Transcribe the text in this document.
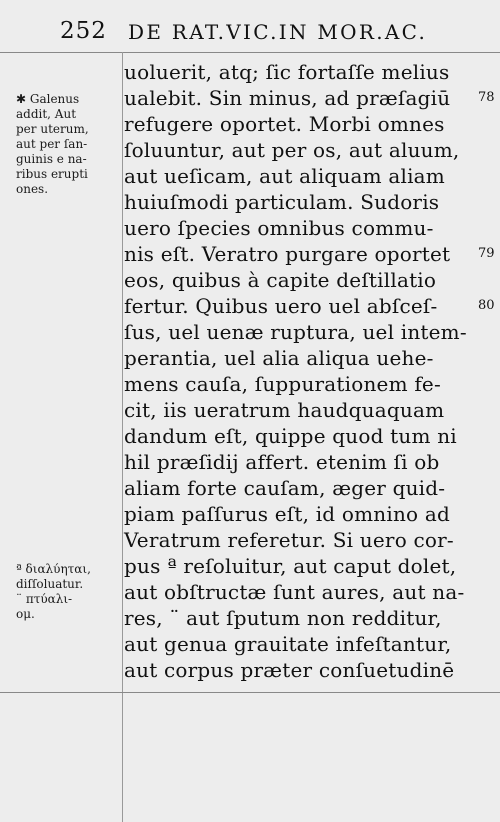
252 DE RAT.VIC.IN MOR.AC.
✱ Galenus
addit, Aut
per uterum,
aut per ſan-
guinis e na-
ribus erupti
ones.
ª διαλύηται,
diſſoluatur.
¨ πτύαλι-
ομ.
uoluerit, atq; ſic fortaſſe melius
ualebit. Sin minus, ad præſagiū
refugere oportet. Morbi omnes
ſoluuntur, aut per os, aut aluum,
aut ueſicam, aut aliquam aliam
huiuſmodi particulam. Sudoris
uero ſpecies omnibus commu-
nis eſt. Veratro purgare oportet
eos, quibus à capite deſtillatio
fertur. Quibus uero uel abſceſ-
ſus, uel uenæ ruptura, uel intem-
perantia, uel alia aliqua uehe-
mens cauſa, ſuppurationem fe-
cit, iis ueratrum haudquaquam
dandum eſt, quippe quod tum ni
hil præſidij affert. etenim ſi ob
aliam forte cauſam, æger quid-
piam paſſurus eſt, id omnino ad
Veratrum referetur. Si uero cor-
pus ª reſoluitur, aut caput dolet,
aut obſtructæ ſunt aures, aut na-
res, ¨ aut ſputum non redditur,
aut genua grauitate infeſtantur,
aut corpus præter conſuetudinē
78
79
80
